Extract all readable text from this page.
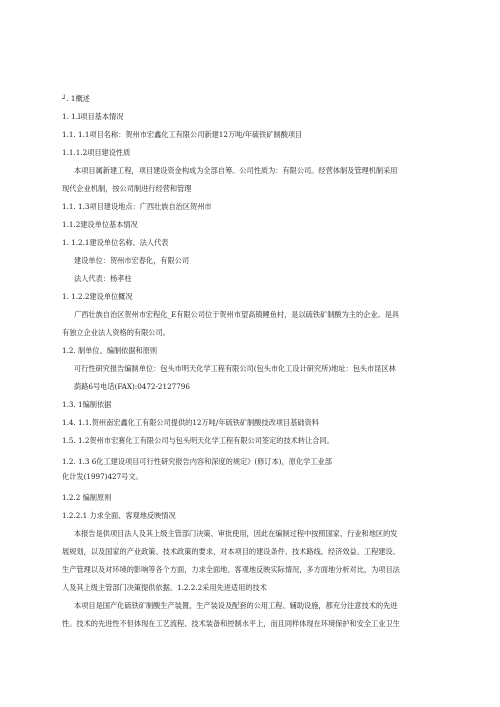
┘. 1概述
1. 1.l项目基本情况
1.1. 1.1项目名称：贺州市宏鑫化工有限公司新建12万吨/年硫铁矿制酸项目
1.1.1.2项目建设性质
本项目属新建工程，项目建设资金构成为全部自筹。公司性质为：有限公司。经营体制及管理机制采用
现代企业机制，按公司制进行经营和管理
1.1. 1.3项目建设地点：广西壮族自治区贺州市
1.1.2建设单位基本情况
1. 1.2.1建设单位名称、法人代表
建设单位：贺州市宏春化，有限公司
法人代表：杨孝柱
1. 1.2.2建设单位概况
广西壮族自治区贺州市宏程化_E有限公司位于贺州市望高镇鲤鱼村，是以硫铁矿制酸为主的企业。是具
有独立企业法人资格的有限公司。
1.2. 制单位、编制依据和原则
可行性研究报告编制单位：包头市明天化学工程有限公司(包头市化工设计研究所)地址：包头市昆区林
荫路6号电话(FAX):0472-2127796
1.3. 1编制依据
1.4. 1.1.贺州南宏鑫化工有限公司提供的12万吨/年硫铁矿制酸技改项目基础资料
1.5. 1.2贺州市宏赛化工有限公司与包头明天化学工程有限公司签定的技术转让合同。
1.2. 1.3 6化工建设项目可行性研究报告内容和深度的规定》(修订本)，原化学工业部
化计发(1997)427号文。
1.2.2 编制原则
1.2.2.1 力求全面、客观地反映情况
本报告是供项目法人及其上级主管部门决策、审批使用，因此在编制过程中按照国家、行业和地区的发
展规划，以及国家的产业政策、技术政策的要求，对本项目的建设条件、技术路线、经济效益、工程建设、
生产管理以及对环境的影响等各个方面，力求全面地、客观地反映实际情况，多方面地分析对比，为项目法
人及其上级主管部门决策提供依据。1.2.2.2采用先进适用的技术
本项目是国产化硫铁矿制酸生产装置，生产装设及配套的公用工程、辅助设施，都充分注意技术的先进
性。技术的先进性不但体现在工艺流程、技术装备和控制水平上，而且同样体现在环境保护和安全工业卫生
